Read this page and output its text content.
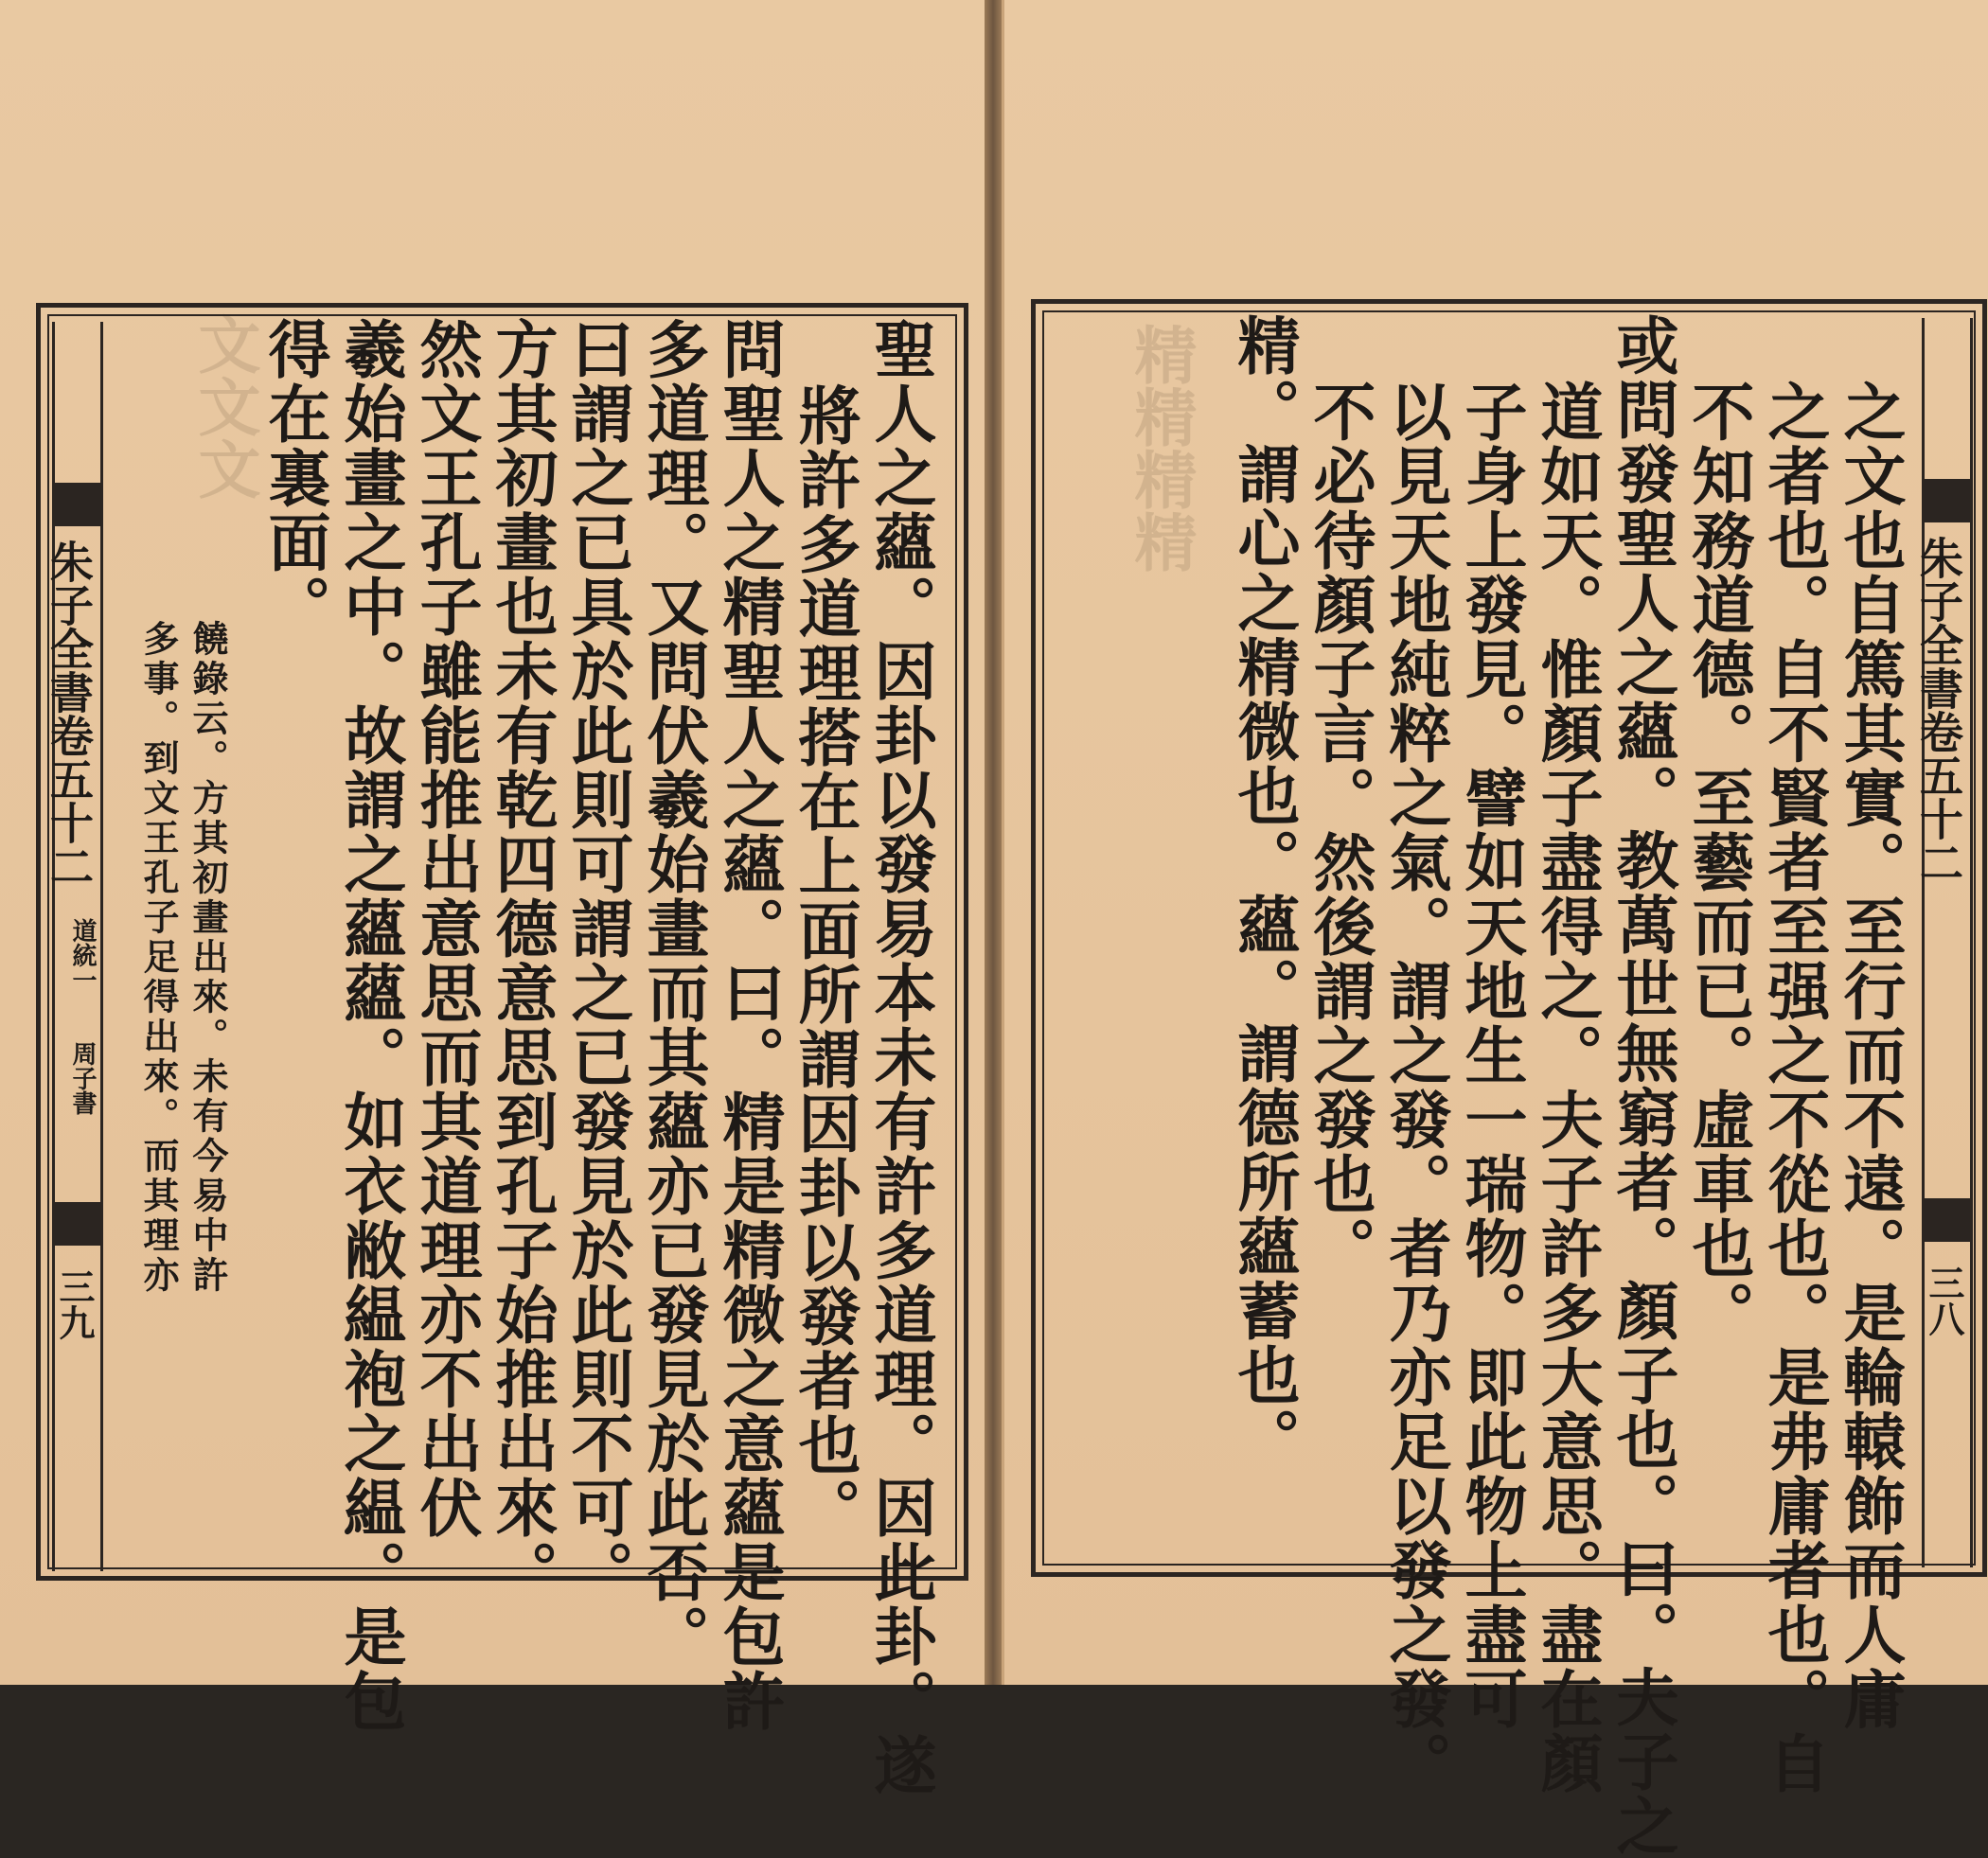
文文文	聖人之蘊。因卦以發易本未有許多道理。因此卦。遂
將許多道理搭在上面所謂因卦以發者也。
問聖人之精聖人之蘊。曰。精是精微之意蘊是包許
多道理。又問伏羲始畫而其蘊亦已發見於此否。
曰謂之已具於此則可謂之已發見於此則不可。
方其初畫也未有乾四德意思到孔子始推出來。
然文王孔子雖能推出意思而其道理亦不出伏
羲始畫之中。故謂之蘊蘊。如衣敝緼袍之緼。是包
得在裏面。
饒錄云。方其初畫出來。未有今易中許
多事。到文王孔子足得出來。而其理亦
朱子全書卷五十二
道統一
周子書
三九
精精精精
朱子全書卷五十二
三八
之文也自篤其實。至行而不遠。是輪轅飾而人庸
之者也。自不賢者至强之不從也。是弗庸者也。自
不知務道德。至藝而已。虛車也。
或問發聖人之蘊。教萬世無窮者。顏子也。曰。夫子之
道如天。惟顏子盡得之。夫子許多大意思。盡在顏
子身上發見。譬如天地生一瑞物。即此物上盡可
以見天地純粹之氣。謂之發。者乃亦足以發之發。
不必待顏子言。然後謂之發也。
精。謂心之精微也。蘊。謂德所蘊蓄也。
